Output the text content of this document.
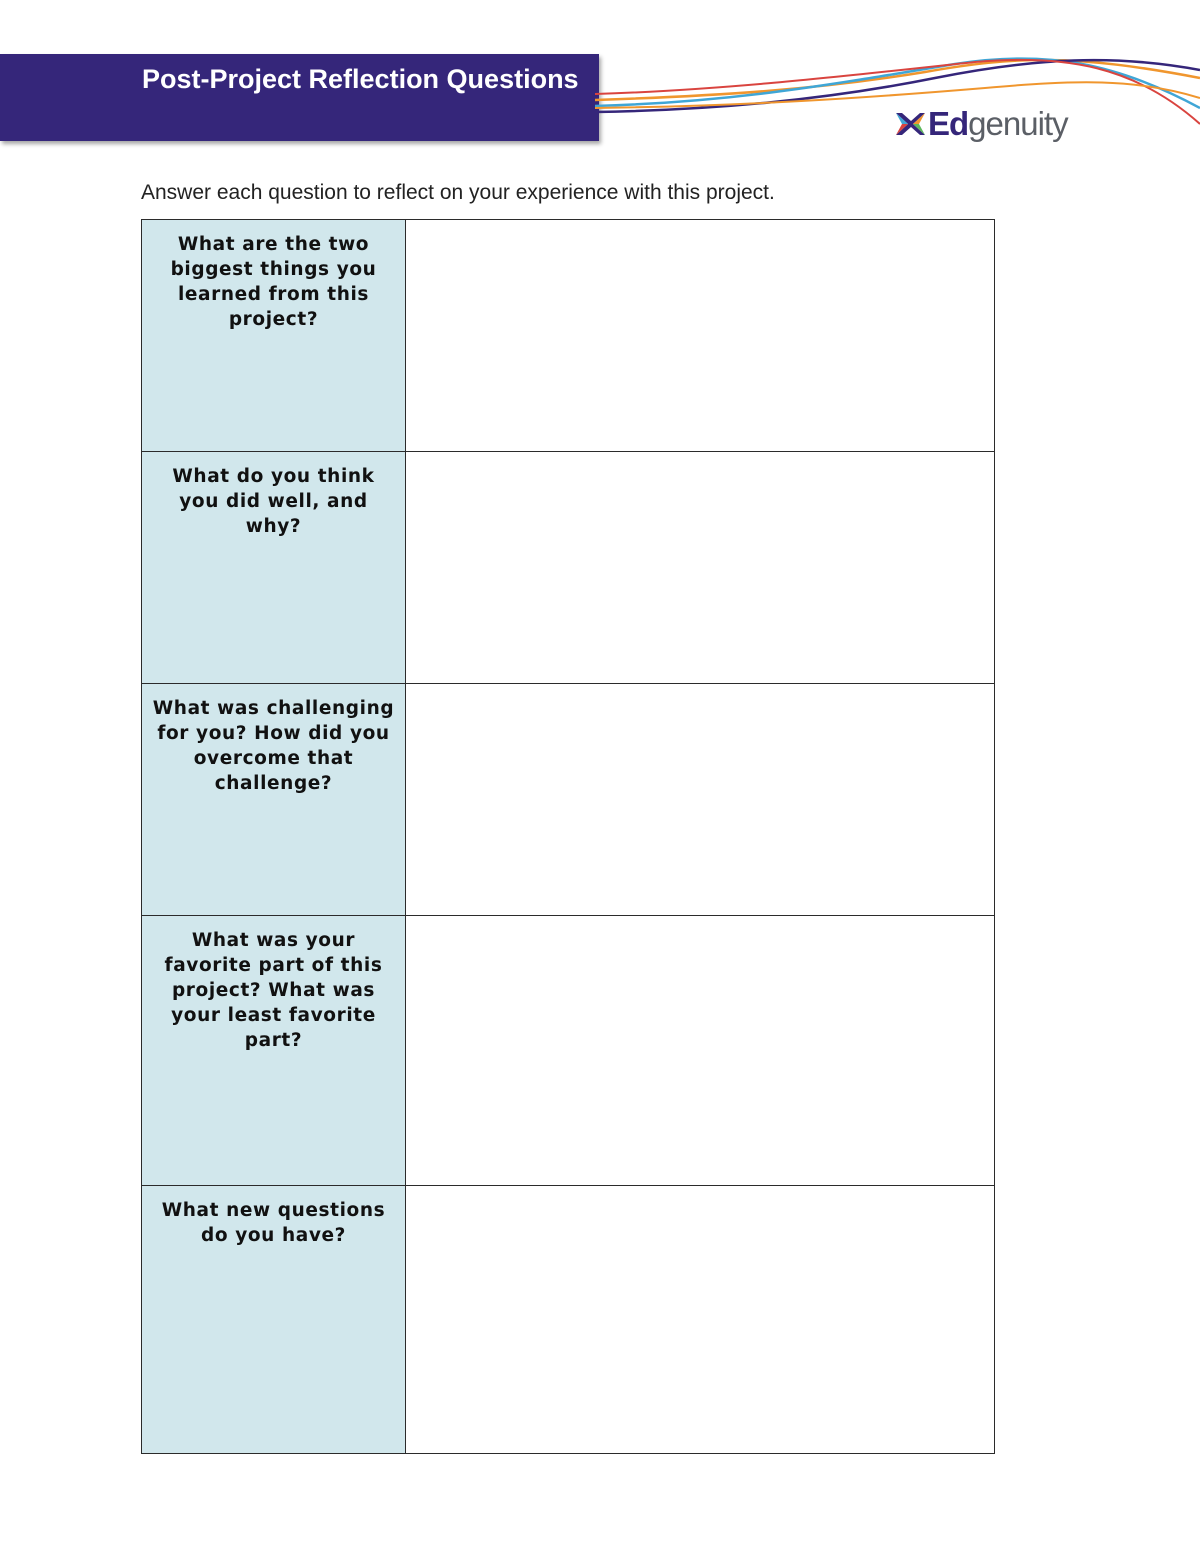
Post-Project Reflection Questions
Edgenuity
Answer each question to reflect on your experience with this project.
What are the two biggest things you learned from this project?	

What do you think you did well, and why?	

What was challenging for you? How did you overcome that challenge?	

What was your favorite part of this project? What was your least favorite part?	

What new questions do you have?	
